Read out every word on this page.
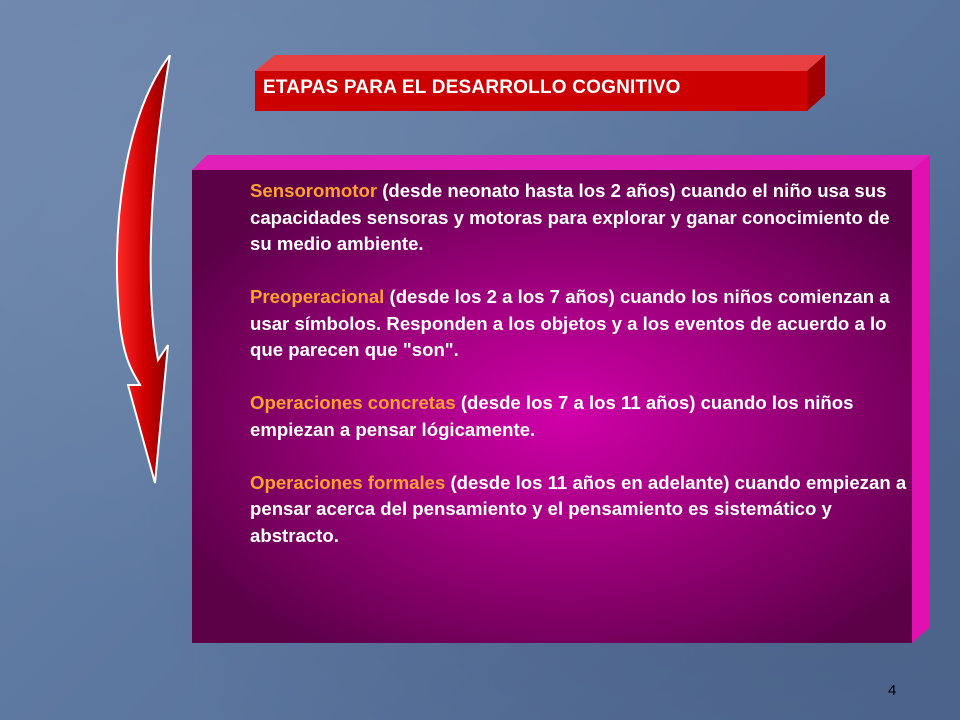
ETAPAS PARA EL DESARROLLO COGNITIVO

Sensoromotor (desde neonato hasta los 2 años) cuando el niño usa sus capacidades sensoras y motoras para explorar y ganar conocimiento de su medio ambiente.

Preoperacional (desde los 2 a los 7 años) cuando los niños comienzan a usar símbolos. Responden a los objetos y a los eventos de acuerdo a lo que parecen que "son".

Operaciones concretas (desde los 7 a los 11 años) cuando los niños empiezan a pensar lógicamente.

Operaciones formales (desde los 11 años en adelante) cuando empiezan a pensar acerca del pensamiento y el pensamiento es sistemático y abstracto.

4
